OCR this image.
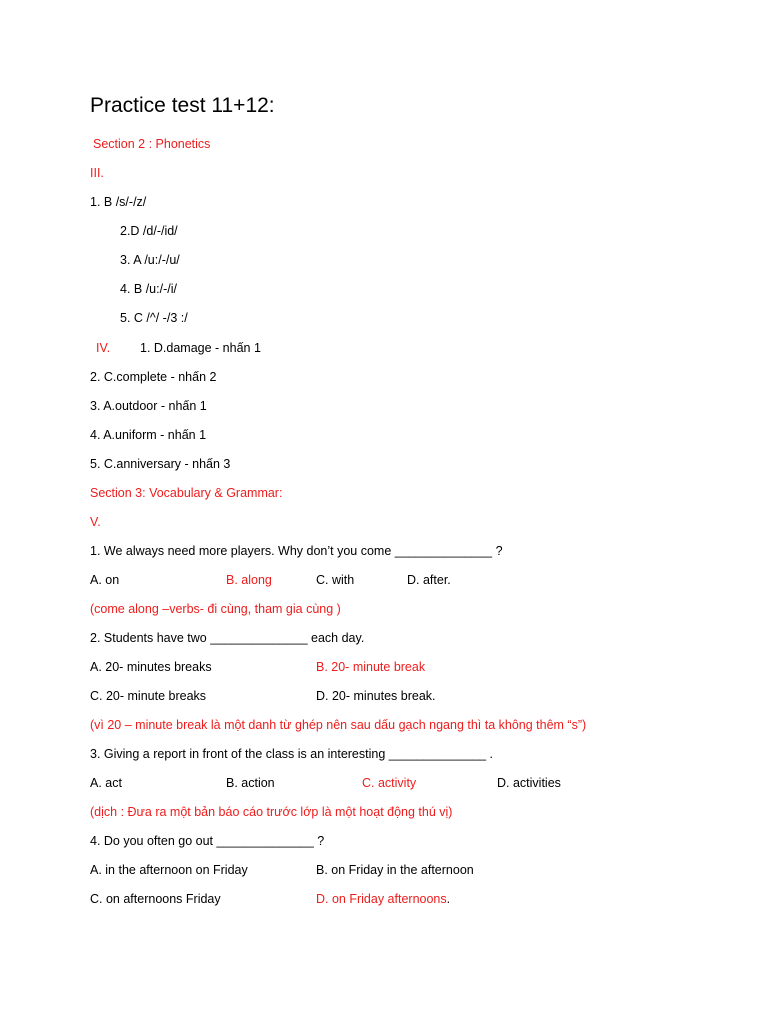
Practice test 11+12:
Section 2 : Phonetics
III.
1. B /s/-/z/
2.D /d/-/id/
3. A /u:/-/u/
4. B /u:/-/i/
5. C /^/ -/3 :/
IV. 1. D.damage - nhấn 1
2. C.complete - nhấn 2
3. A.outdoor - nhấn 1
4. A.uniform - nhấn 1
5. C.anniversary - nhấn 3
Section 3: Vocabulary & Grammar:
V.
1. We always need more players. Why don’t you come ______________ ?
A. on	B. along	C. with	D. after.
(come along –verbs- đi cùng, tham gia cùng )
2. Students have two ______________ each day.
A. 20- minutes breaks	B. 20- minute break
C. 20- minute breaks	D. 20- minutes break.
(vì 20 – minute break là một danh từ ghép nên sau dấu gạch ngang thì ta không thêm “s”)
3. Giving a report in front of the class is an interesting ______________ .
A. act	B. action	C. activity	D. activities
(dịch : Đưa ra một bản báo cáo trước lớp là một hoạt động thú vị)
4. Do you often go out ______________ ?
A. in the afternoon on Friday	B. on Friday in the afternoon
C. on afternoons Friday	D. on Friday afternoons.
